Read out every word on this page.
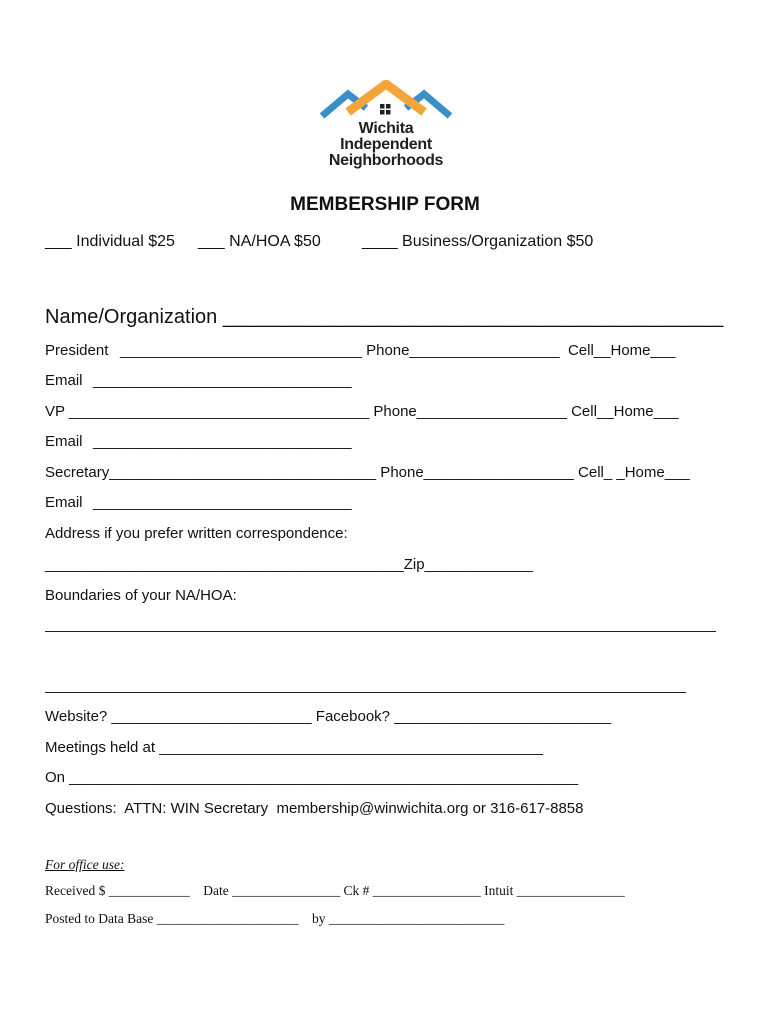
Wichita
Independent
Neighborhoods
MEMBERSHIP FORM
___ Individual $25 ___ NA/HOA $50	____ Business/Organization $50
Name/Organization _____________________________________________
President _____________________________ Phone__________________  Cell__Home___
Email _______________________________
VP ____________________________________ Phone__________________ Cell__Home___
Email _______________________________
Secretary________________________________ Phone__________________ Cell_ _Home___
Email _______________________________
Address if you prefer written correspondence:
___________________________________________Zip_____________
Boundaries of your NA/HOA:
Website? ________________________ Facebook? __________________________
Meetings held at ______________________________________________
On _____________________________________________________________
Questions:  ATTN: WIN Secretary  membership@winwichita.org or 316-617-8858
For office use:
Received $ ____________    Date ________________ Ck # ________________ Intuit ________________
Posted to Data Base _____________________    by __________________________
